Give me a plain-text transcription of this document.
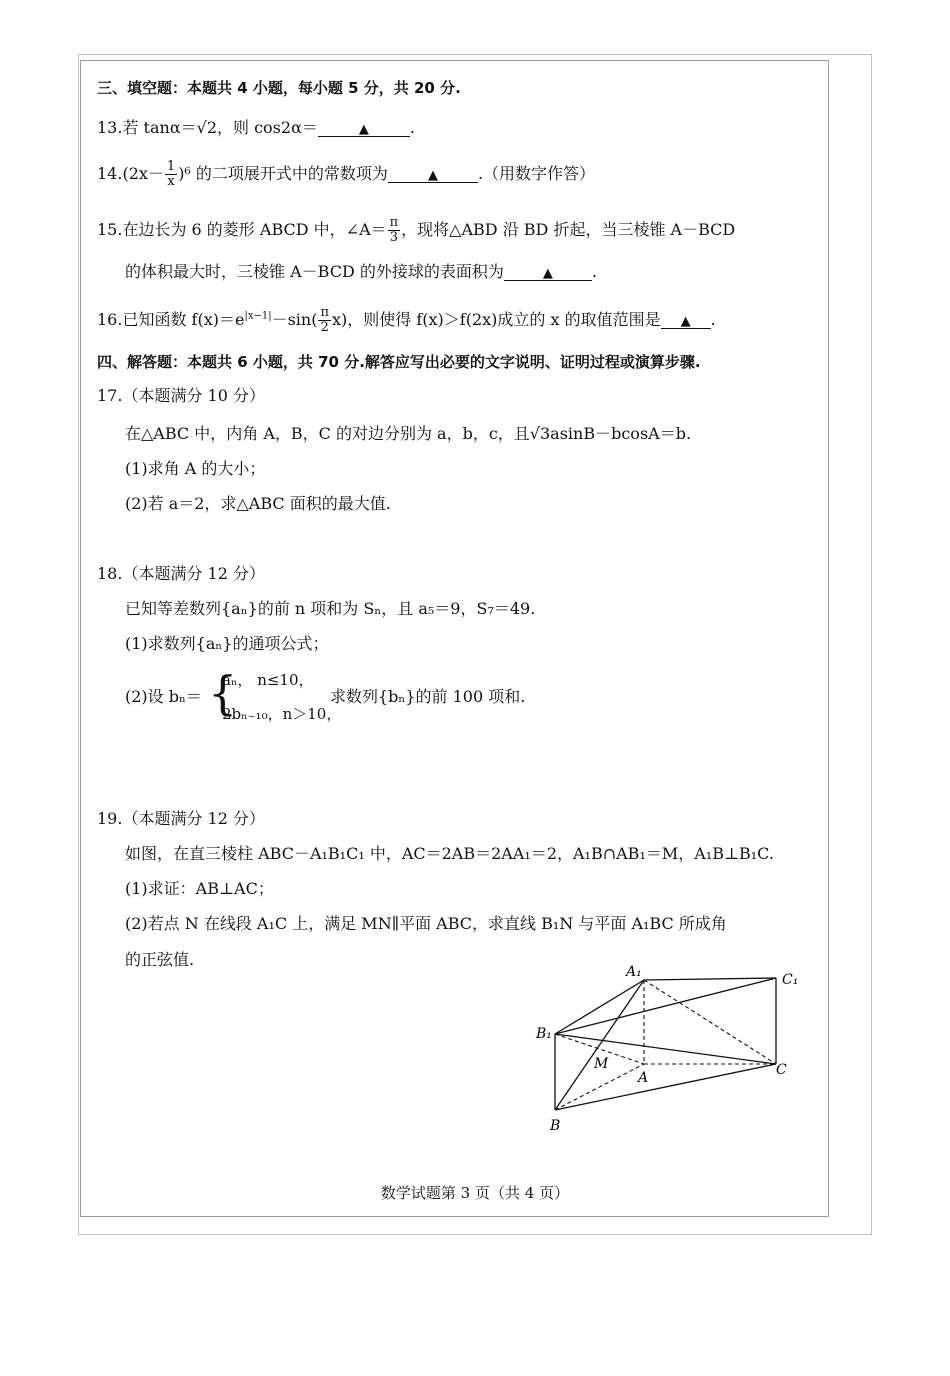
三、填空题：本题共 4 小题，每小题 5 分，共 20 分.
13.若 tanα＝√2，则 cos2α＝	▲	.
$14.(2x- \frac{1}{x} )^6$ 的二项展开式中的常数项为	▲	.（用数字作答）
15.在边长为 6 的菱形 ABCD 中，∠A＝ $\frac{\pi}{3}$ ，现将△ABD 沿 BD 折起，当三棱锥 A－BCD
的体积最大时，三棱锥 A－BCD 的外接球的表面积为	▲ .
16.已知函数 $f(x)=e^{|x-1|}-\sin( \frac{\pi}{2} x)$，则使得 f(x)＞f(2x)成立的 x 的取值范围是 ▲ .
四、解答题：本题共 6 小题，共 70 分.解答应写出必要的文字说明、证明过程或演算步骤.
17.（本题满分 10 分）
在△ABC 中，内角 A，B，C 的对边分别为 a，b，c，且√3asinB－bcosA＝b.
(1)求角 A 的大小；
(2)若 a＝2，求△ABC 面积的最大值.
18.（本题满分 12 分）
已知等差数列{aₙ}的前 n 项和为 Sₙ，且 a₅＝9，S₇＝49.
(1)求数列{aₙ}的通项公式；
(2)设 bₙ＝ {
aₙ， n≤10，
2bₙ₋₁₀，n＞10，
求数列{bₙ}的前 100 项和.
19.（本题满分 12 分）
如图，在直三棱柱 ABC－A₁B₁C₁ 中，AC＝2AB＝2AA₁＝2，A₁B∩AB₁＝M，A₁B⊥B₁C.
(1)求证：AB⊥AC；
(2)若点 N 在线段 A₁C 上，满足 MN∥平面 ABC，求直线 B₁N 与平面 A₁BC 所成角
的正弦值.
A₁	C₁
B₁
M
A	C
B
数学试题第 3 页（共 4 页）
